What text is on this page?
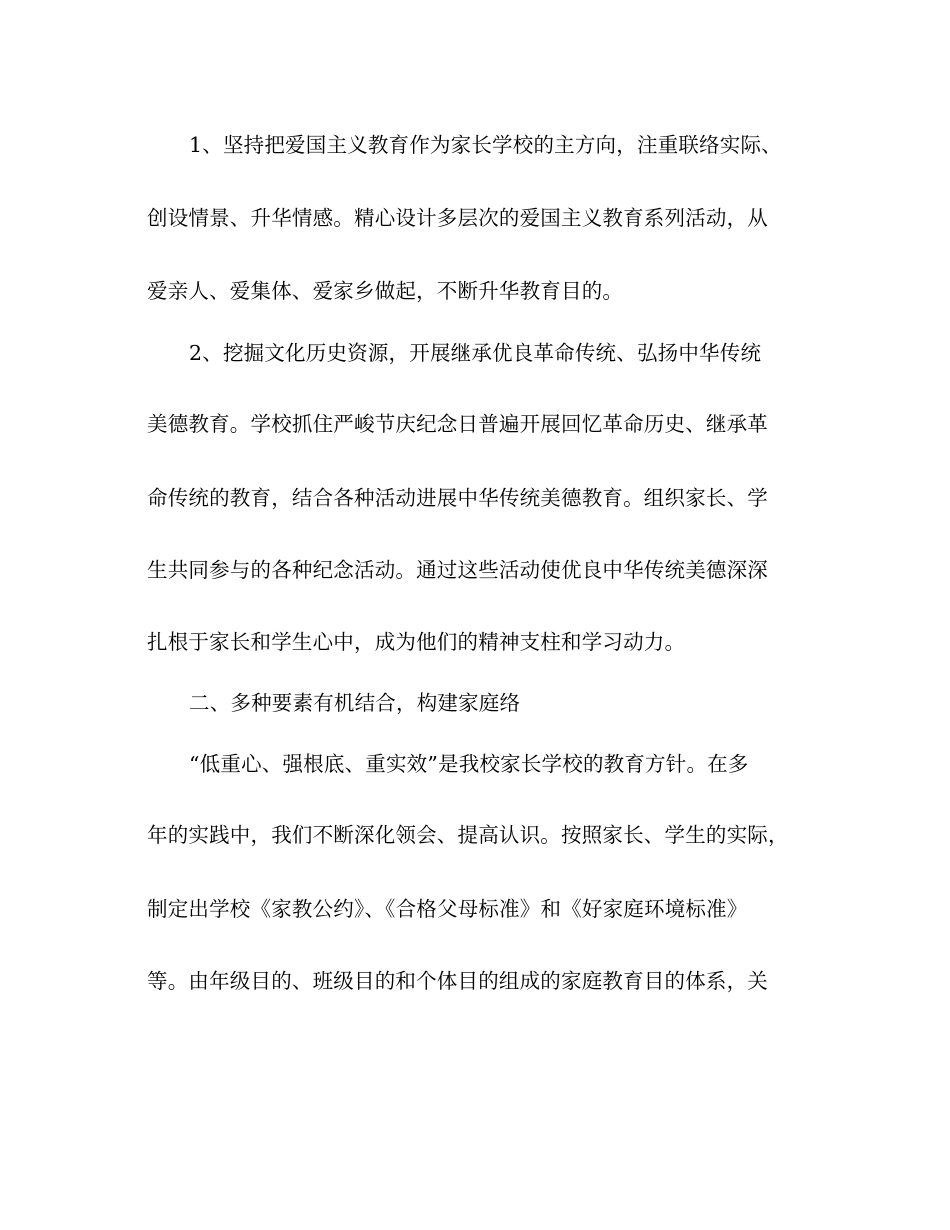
1、坚持把爱国主义教育作为家长学校的主方向，注重联络实际、
创设情景、升华情感。精心设计多层次的爱国主义教育系列活动，从
爱亲人、爱集体、爱家乡做起，不断升华教育目的。
2、挖掘文化历史资源，开展继承优良革命传统、弘扬中华传统
美德教育。学校抓住严峻节庆纪念日普遍开展回忆革命历史、继承革
命传统的教育，结合各种活动进展中华传统美德教育。组织家长、学
生共同参与的各种纪念活动。通过这些活动使优良中华传统美德深深
扎根于家长和学生心中，成为他们的精神支柱和学习动力。
二、多种要素有机结合，构建家庭络
“低重心、强根底、重实效”是我校家长学校的教育方针。在多
年的实践中，我们不断深化领会、提高认识。按照家长、学生的实际，
制定出学校《家教公约》、《合格父母标准》和《好家庭环境标准》
等。由年级目的、班级目的和个体目的组成的家庭教育目的体系，关
